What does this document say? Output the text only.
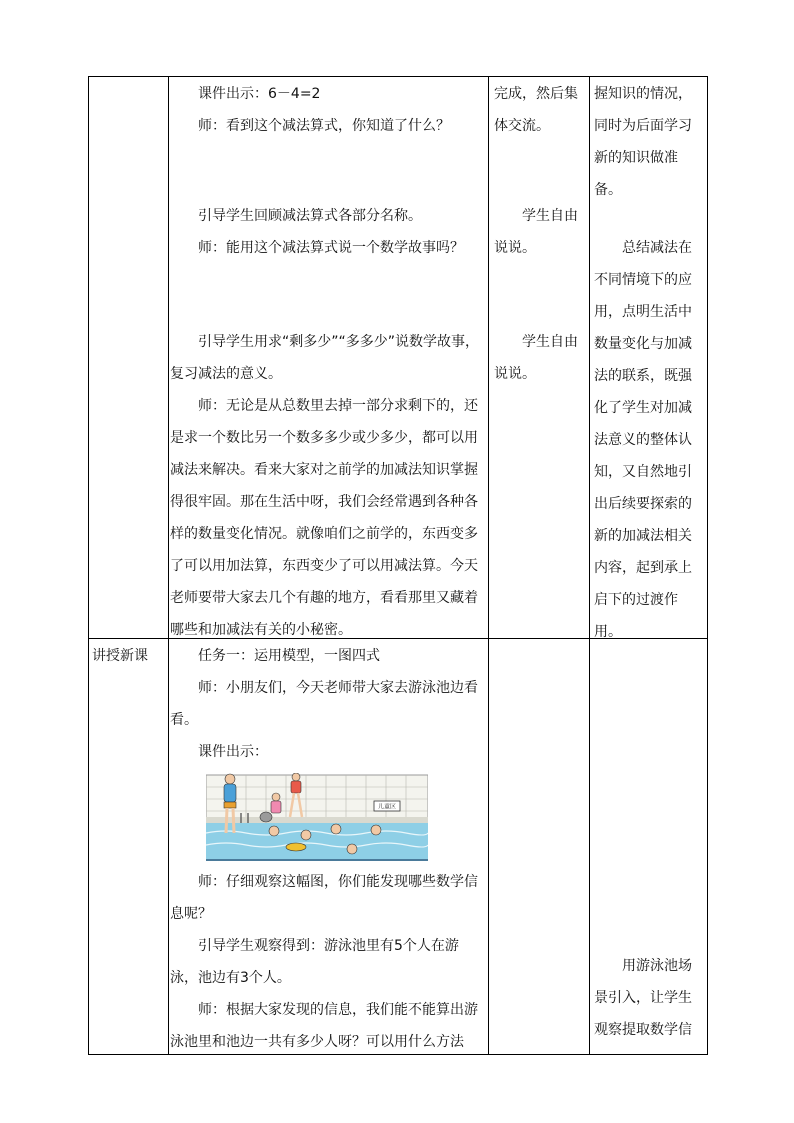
课件出示：6－4=2

师：看到这个减法算式，你知道了什么？

引导学生回顾减法算式各部分名称。

师：能用这个减法算式说一个数学故事吗？

引导学生用求“剩多少”“多多少”说数学故事，复习减法的意义。

师：无论是从总数里去掉一部分求剩下的，还是求一个数比另一个数多多少或少多少，都可以用减法来解决。看来大家对之前学的加减法知识掌握得很牢固。那在生活中呀，我们会经常遇到各种各样的数量变化情况。就像咱们之前学的，东西变多了可以用加法算，东西变少了可以用减法算。今天老师要带大家去几个有趣的地方，看看那里又藏着哪些和加减法有关的小秘密。

完成，然后集体交流。

学生自由说说。

学生自由说说。

握知识的情况，同时为后面学习新的知识做准备。

总结减法在不同情境下的应用，点明生活中数量变化与加减法的联系，既强化了学生对加减法意义的整体认知，又自然地引出后续要探索的新的加减法相关内容，起到承上启下的过渡作用。

讲授新课	任务一：运用模型，一图四式

师：小朋友们，今天老师带大家去游泳池边看看。

课件出示：

儿童区

师：仔细观察这幅图，你们能发现哪些数学信息呢？

引导学生观察得到：游泳池里有5个人在游泳，池边有3个人。

师：根据大家发现的信息，我们能不能算出游泳池里和池边一共有多少人呀？可以用什么方法

用游泳池场景引入，让学生观察提取数学信
